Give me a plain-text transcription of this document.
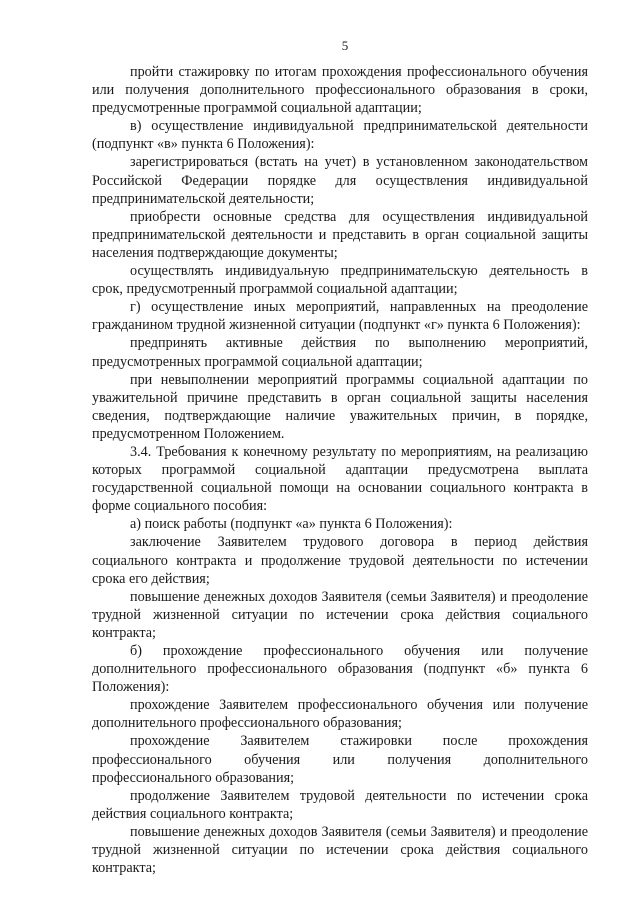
5

пройти стажировку по итогам прохождения профессионального обучения или получения дополнительного профессионального образования в сроки, предусмотренные программой социальной адаптации;

в) осуществление индивидуальной предпринимательской деятельности (подпункт «в» пункта 6 Положения):

зарегистрироваться (встать на учет) в установленном законодательством Российской Федерации порядке для осуществления индивидуальной предпринимательской деятельности;

приобрести основные средства для осуществления индивидуальной предпринимательской деятельности и представить в орган социальной защиты населения подтверждающие документы;

осуществлять индивидуальную предпринимательскую деятельность в срок, предусмотренный программой социальной адаптации;

г) осуществление иных мероприятий, направленных на преодоление гражданином трудной жизненной ситуации (подпункт «г» пункта 6 Положения):

предпринять активные действия по выполнению мероприятий, предусмотренных программой социальной адаптации;

при невыполнении мероприятий программы социальной адаптации по уважительной причине представить в орган социальной защиты населения сведения, подтверждающие наличие уважительных причин, в порядке, предусмотренном Положением.

3.4. Требования к конечному результату по мероприятиям, на реализацию которых программой социальной адаптации предусмотрена выплата государственной социальной помощи на основании социального контракта в форме социального пособия:

а) поиск работы (подпункт «а» пункта 6 Положения):

заключение Заявителем трудового договора в период действия социального контракта и продолжение трудовой деятельности по истечении срока его действия;

повышение денежных доходов Заявителя (семьи Заявителя) и преодоление трудной жизненной ситуации по истечении срока действия социального контракта;

б) прохождение профессионального обучения или получение дополнительного профессионального образования (подпункт «б» пункта 6 Положения):

прохождение Заявителем профессионального обучения или получение дополнительного профессионального образования;

прохождение Заявителем стажировки после прохождения профессионального обучения или получения дополнительного профессионального образования;

продолжение Заявителем трудовой деятельности по истечении срока действия социального контракта;

повышение денежных доходов Заявителя (семьи Заявителя) и преодоление трудной жизненной ситуации по истечении срока действия социального контракта;
